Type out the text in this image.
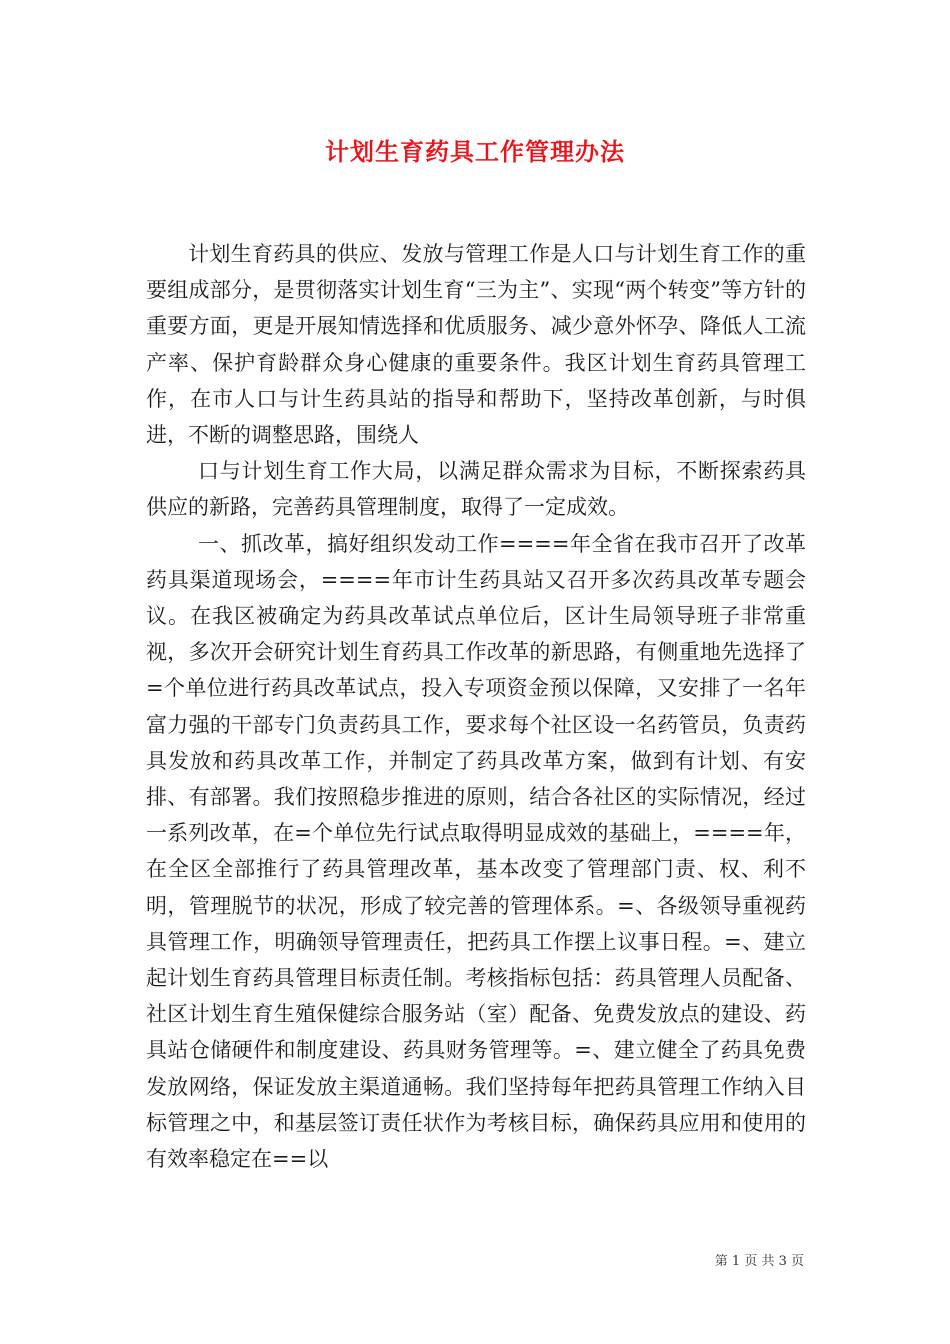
计划生育药具工作管理办法

计划生育药具的供应、发放与管理工作是人口与计划生育工作的重要组成部分，是贯彻落实计划生育“三为主”、实现“两个转变”等方针的重要方面，更是开展知情选择和优质服务、减少意外怀孕、降低人工流产率、保护育龄群众身心健康的重要条件。我区计划生育药具管理工作，在市人口与计生药具站的指导和帮助下，坚持改革创新，与时俱进，不断的调整思路，围绕人

口与计划生育工作大局，以满足群众需求为目标，不断探索药具供应的新路，完善药具管理制度，取得了一定成效。

一、抓改革，搞好组织发动工作====年全省在我市召开了改革药具渠道现场会，====年市计生药具站又召开多次药具改革专题会议。在我区被确定为药具改革试点单位后，区计生局领导班子非常重视，多次开会研究计划生育药具工作改革的新思路，有侧重地先选择了=个单位进行药具改革试点，投入专项资金预以保障，又安排了一名年富力强的干部专门负责药具工作，要求每个社区设一名药管员，负责药具发放和药具改革工作，并制定了药具改革方案，做到有计划、有安排、有部署。我们按照稳步推进的原则，结合各社区的实际情况，经过一系列改革，在=个单位先行试点取得明显成效的基础上，====年，在全区全部推行了药具管理改革，基本改变了管理部门责、权、利不明，管理脱节的状况，形成了较完善的管理体系。=、各级领导重视药具管理工作，明确领导管理责任，把药具工作摆上议事日程。=、建立起计划生育药具管理目标责任制。考核指标包括：药具管理人员配备、社区计划生育生殖保健综合服务站（室）配备、免费发放点的建设、药具站仓储硬件和制度建设、药具财务管理等。=、建立健全了药具免费发放网络，保证发放主渠道通畅。我们坚持每年把药具管理工作纳入目标管理之中，和基层签订责任状作为考核目标，确保药具应用和使用的有效率稳定在==以

第 1 页 共 3 页
